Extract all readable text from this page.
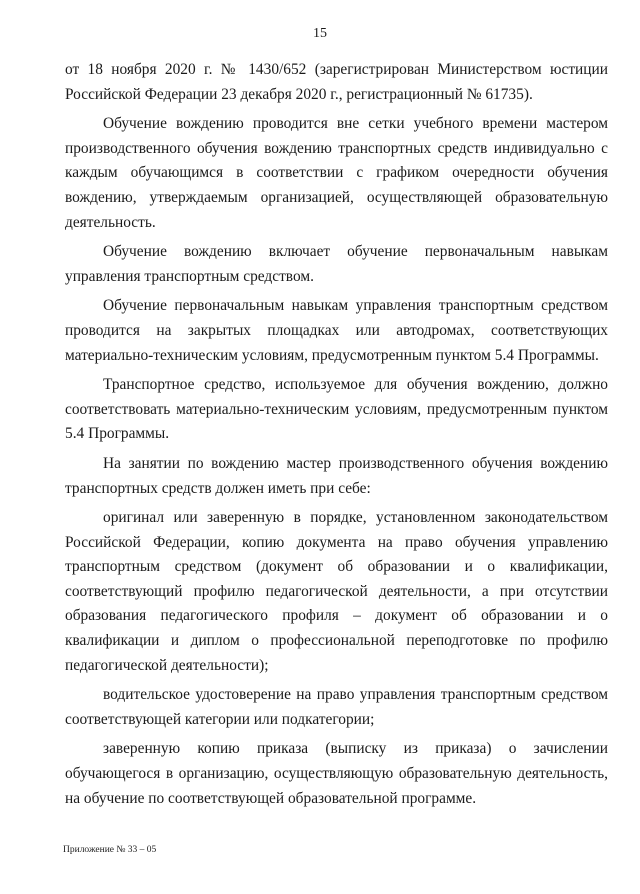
15

от 18 ноября 2020 г. № 1430/652 (зарегистрирован Министерством юстиции Российской Федерации 23 декабря 2020 г., регистрационный № 61735).

Обучение вождению проводится вне сетки учебного времени мастером производственного обучения вождению транспортных средств индивидуально с каждым обучающимся в соответствии с графиком очередности обучения вождению, утверждаемым организацией, осуществляющей образовательную деятельность.

Обучение вождению включает обучение первоначальным навыкам управления транспортным средством.

Обучение первоначальным навыкам управления транспортным средством проводится на закрытых площадках или автодромах, соответствующих материально-техническим условиям, предусмотренным пунктом 5.4 Программы.

Транспортное средство, используемое для обучения вождению, должно соответствовать материально-техническим условиям, предусмотренным пунктом 5.4 Программы.

На занятии по вождению мастер производственного обучения вождению транспортных средств должен иметь при себе:

оригинал или заверенную в порядке, установленном законодательством Российской Федерации, копию документа на право обучения управлению транспортным средством (документ об образовании и о квалификации, соответствующий профилю педагогической деятельности, а при отсутствии образования педагогического профиля – документ об образовании и о квалификации и диплом о профессиональной переподготовке по профилю педагогической деятельности);

водительское удостоверение на право управления транспортным средством соответствующей категории или подкатегории;

заверенную копию приказа (выписку из приказа) о зачислении обучающегося в организацию, осуществляющую образовательную деятельность, на обучение по соответствующей образовательной программе.

Приложение № 33 – 05
